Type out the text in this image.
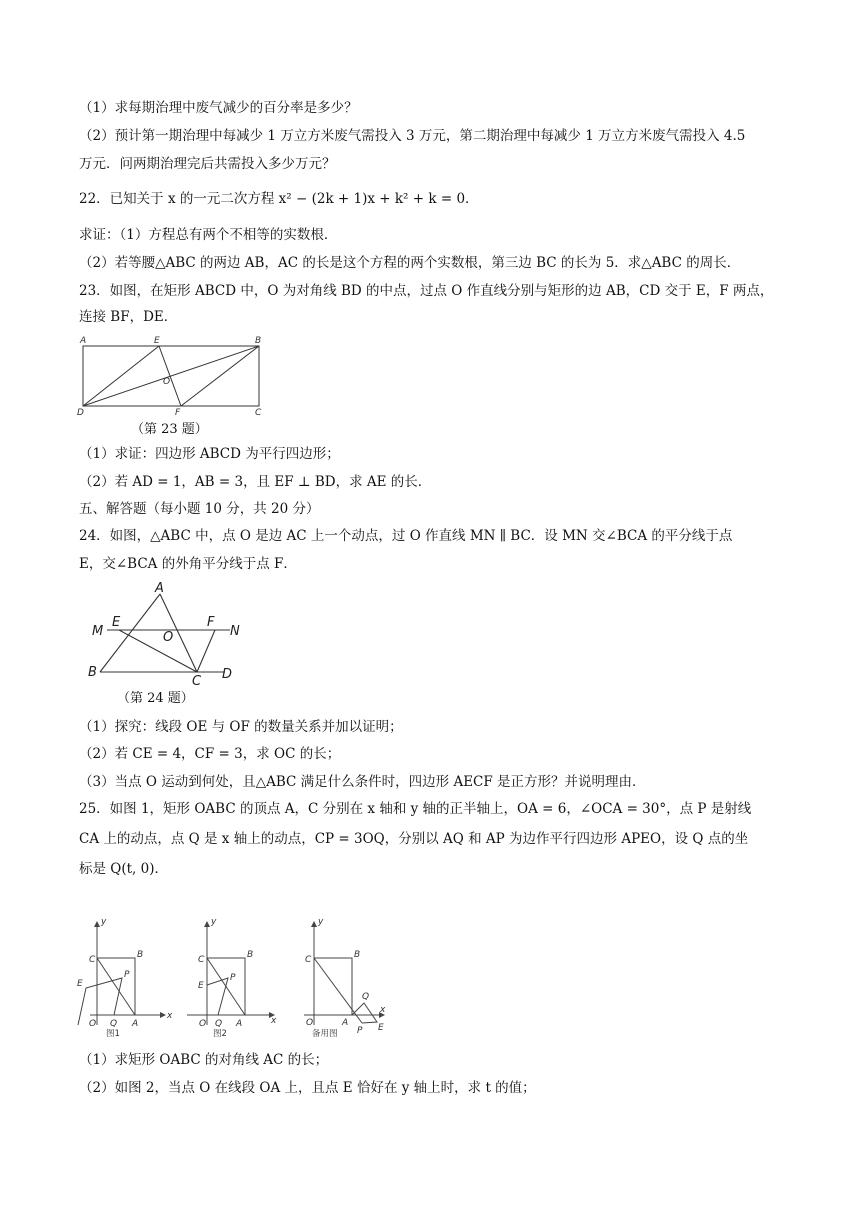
（1）求每期治理中废气减少的百分率是多少？
（2）预计第一期治理中每减少 1 万立方米废气需投入 3 万元，第二期治理中每减少 1 万立方米废气需投入 4.5
万元．问两期治理完后共需投入多少万元？
22．已知关于 x 的一元二次方程 x² − (2k + 1)x + k² + k = 0．
求证：（1）方程总有两个不相等的实数根．
（2）若等腰△ABC 的两边 AB，AC 的长是这个方程的两个实数根，第三边 BC 的长为 5．求△ABC 的周长．
23．如图，在矩形 ABCD 中，O 为对角线 BD 的中点，过点 O 作直线分别与矩形的边 AB，CD 交于 E，F 两点，
连接 BF，DE．
A	E	B
O
D	F	C
（第 23 题）
（1）求证：四边形 ABCD 为平行四边形；
（2）若 AD = 1，AB = 3，且 EF ⊥ BD，求 AE 的长．
五、解答题（每小题 10 分，共 20 分）
24．如图，△ABC 中，点 O 是边 AC 上一个动点，过 O 作直线 MN ∥ BC．设 MN 交∠BCA 的平分线于点
E，交∠BCA 的外角平分线于点 F．
A
M
E
O
F
N
B
C D
（第 24 题）
（1）探究：线段 OE 与 OF 的数量关系并加以证明；
（2）若 CE = 4，CF = 3，求 OC 的长；
（3）当点 O 运动到何处，且△ABC 满足什么条件时，四边形 AECF 是正方形？并说明理由．
25．如图 1，矩形 OABC 的顶点 A，C 分别在 x 轴和 y 轴的正半轴上，OA = 6，∠OCA = 30°，点 P 是射线
CA 上的动点，点 Q 是 x 轴上的动点，CP = 3OQ，分别以 AQ 和 AP 为边作平行四边形 APEO，设 Q 点的坐
标是 Q(t, 0)．
y
x
C	B
P
E
O Q A
图1
y
x
C	B
P
E
O Q A
图2
y
x
C	B
Q
O	A
P E
备用图
（1）求矩形 OABC 的对角线 AC 的长；
（2）如图 2，当点 O 在线段 OA 上，且点 E 恰好在 y 轴上时，求 t 的值；
